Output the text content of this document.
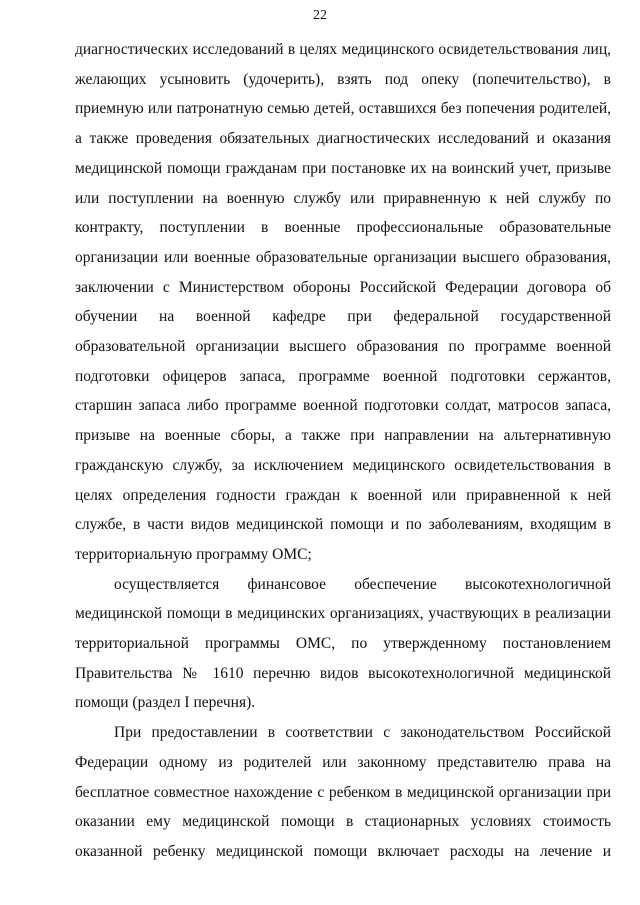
22

диагностических исследований в целях медицинского освидетельствования лиц, желающих усыновить (удочерить), взять под опеку (попечительство), в приемную или патронатную семью детей, оставшихся без попечения родителей, а также проведения обязательных диагностических исследований и оказания медицинской помощи гражданам при постановке их на воинский учет, призыве или поступлении на военную службу или приравненную к ней службу по контракту, поступлении в военные профессиональные образовательные организации или военные образовательные организации высшего образования, заключении с Министерством обороны Российской Федерации договора об обучении на военной кафедре при федеральной государственной образовательной организации высшего образования по программе военной подготовки офицеров запаса, программе военной подготовки сержантов, старшин запаса либо программе военной подготовки солдат, матросов запаса, призыве на военные сборы, а также при направлении на альтернативную гражданскую службу, за исключением медицинского освидетельствования в целях определения годности граждан к военной или приравненной к ней службе, в части видов медицинской помощи и по заболеваниям, входящим в территориальную программу ОМС;

осуществляется финансовое обеспечение высокотехнологичной медицинской помощи в медицинских организациях, участвующих в реализации территориальной программы ОМС, по утвержденному постановлением Правительства № 1610 перечню видов высокотехнологичной медицинской помощи (раздел I перечня).

При предоставлении в соответствии с законодательством Российской Федерации одному из родителей или законному представителю права на бесплатное совместное нахождение с ребенком в медицинской организации при оказании ему медицинской помощи в стационарных условиях стоимость оказанной ребенку медицинской помощи включает расходы на лечение и
